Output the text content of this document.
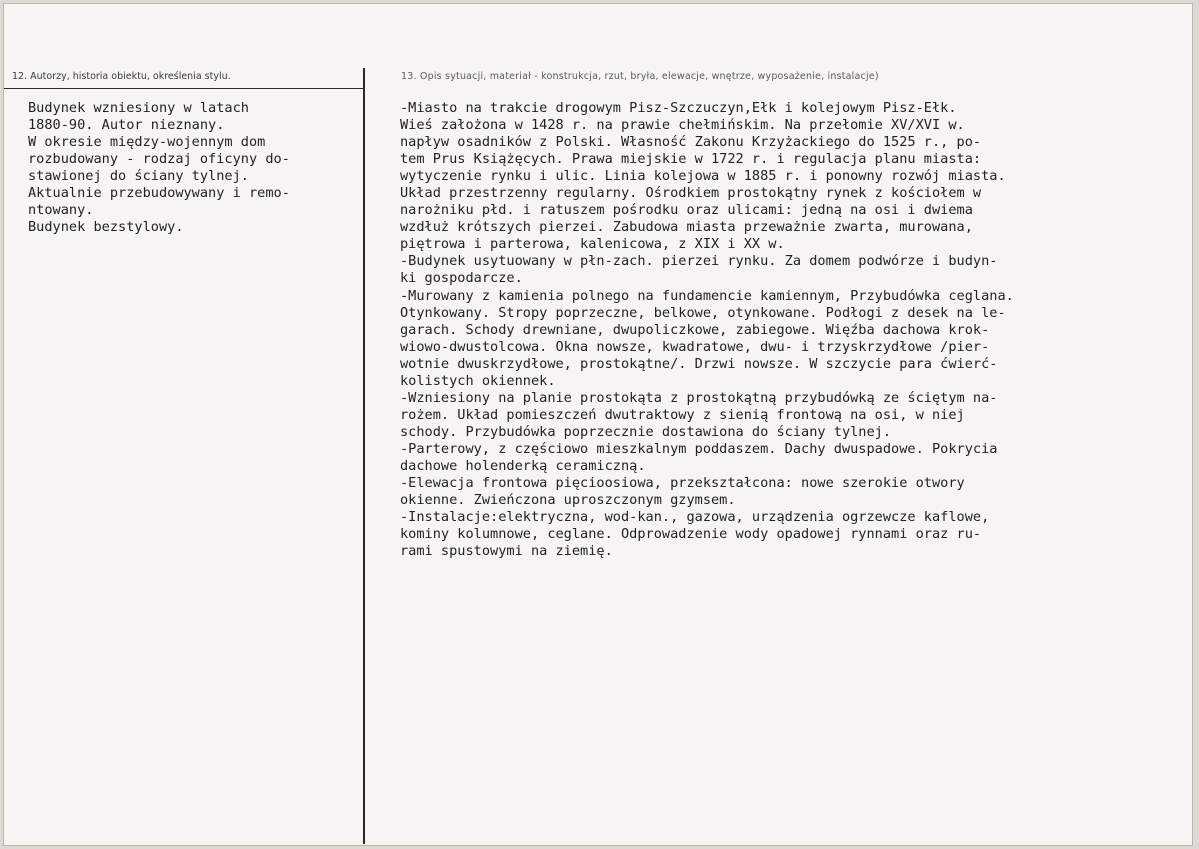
12. Autorzy, historia obiektu, określenia stylu.	13. Opis sytuacji, materiał - konstrukcja, rzut, bryła, elewacje, wnętrze, wyposażenie, instalacje)
Budynek wzniesiony w latach
1880-90. Autor nieznany.
W okresie między-wojennym dom
rozbudowany - rodzaj oficyny do-
stawionej do ściany tylnej.
Aktualnie przebudowywany i remo-
ntowany.
Budynek bezstylowy.
-Miasto na trakcie drogowym Pisz-Szczuczyn,Ełk i kolejowym Pisz-Ełk.
Wieś założona w 1428 r. na prawie chełmińskim. Na przełomie XV/XVI w.
napływ osadników z Polski. Własność Zakonu Krzyżackiego do 1525 r., po-
tem Prus Książęcych. Prawa miejskie w 1722 r. i regulacja planu miasta:
wytyczenie rynku i ulic. Linia kolejowa w 1885 r. i ponowny rozwój miasta.
Układ przestrzenny regularny. Ośrodkiem prostokątny rynek z kościołem w
narożniku płd. i ratuszem pośrodku oraz ulicami: jedną na osi i dwiema
wzdłuż krótszych pierzei. Zabudowa miasta przeważnie zwarta, murowana,
piętrowa i parterowa, kalenicowa, z XIX i XX w.
-Budynek usytuowany w płn-zach. pierzei rynku. Za domem podwórze i budyn-
ki gospodarcze.
-Murowany z kamienia polnego na fundamencie kamiennym, Przybudówka ceglana.
Otynkowany. Stropy poprzeczne, belkowe, otynkowane. Podłogi z desek na le-
garach. Schody drewniane, dwupoliczkowe, zabiegowe. Więźba dachowa krok-
wiowo-dwustolcowa. Okna nowsze, kwadratowe, dwu- i trzyskrzydłowe /pier-
wotnie dwuskrzydłowe, prostokątne/. Drzwi nowsze. W szczycie para ćwierć-
kolistych okiennek.
-Wzniesiony na planie prostokąta z prostokątną przybudówką ze ściętym na-
rożem. Układ pomieszczeń dwutraktowy z sienią frontową na osi, w niej
schody. Przybudówka poprzecznie dostawiona do ściany tylnej.
-Parterowy, z częściowo mieszkalnym poddaszem. Dachy dwuspadowe. Pokrycia
dachowe holenderką ceramiczną.
-Elewacja frontowa pięcioosiowa, przekształcona: nowe szerokie otwory
okienne. Zwieńczona uproszczonym gzymsem.
-Instalacje:elektryczna, wod-kan., gazowa, urządzenia ogrzewcze kaflowe,
kominy kolumnowe, ceglane. Odprowadzenie wody opadowej rynnami oraz ru-
rami spustowymi na ziemię.
